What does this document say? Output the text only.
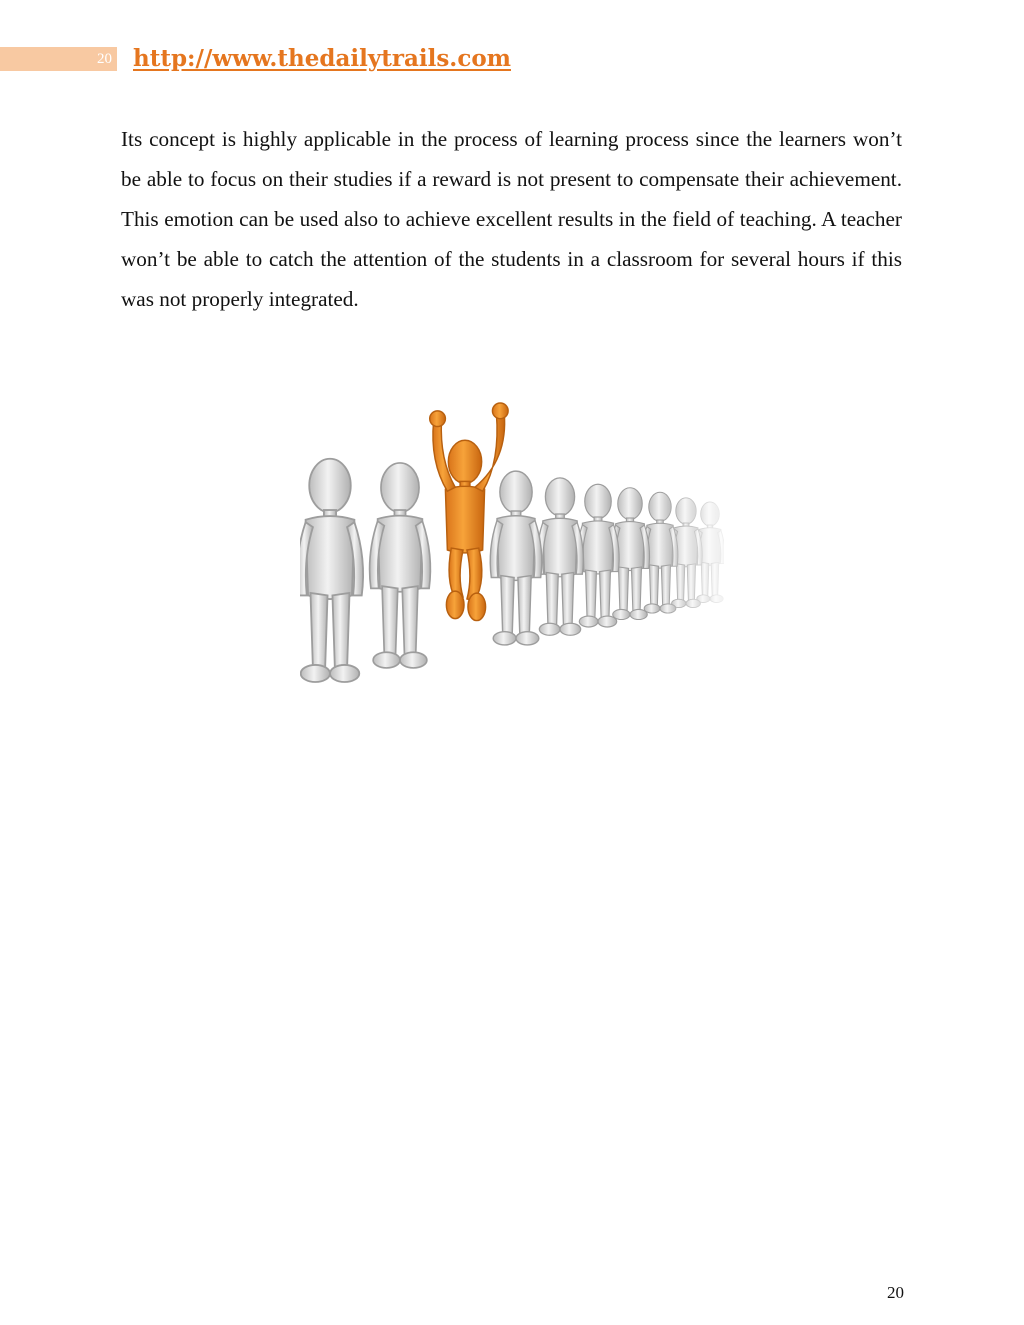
20 http://www.thedailytrails.com

Its concept is highly applicable in the process of learning process since the learners won’t be able to focus on their studies if a reward is not present to compensate their achievement. This emotion can be used also to achieve excellent results in the field of teaching. A teacher won’t be able to catch the attention of the students in a classroom for several hours if this was not properly integrated.

20
